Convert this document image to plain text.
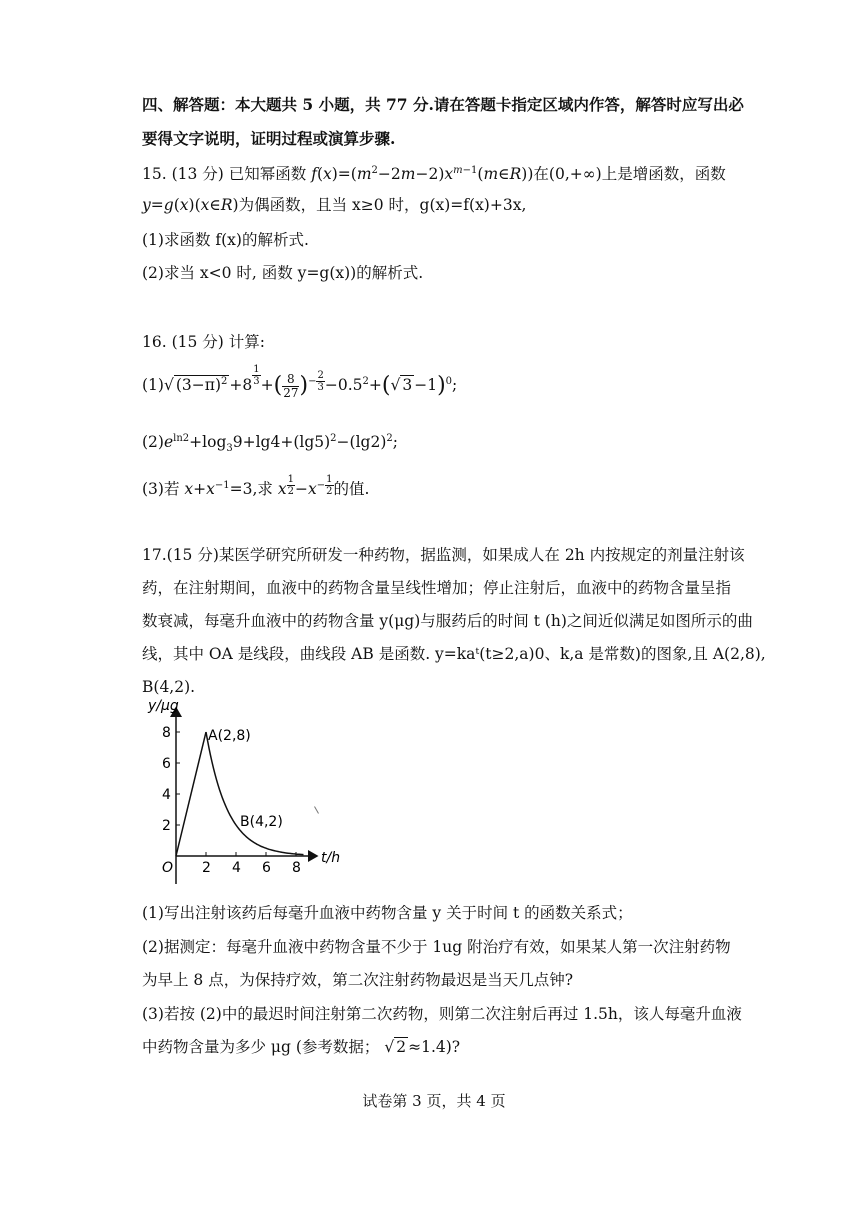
四、解答题：本大题共 5 小题，共 77 分.请在答题卡指定区域内作答，解答时应写出必
要得文字说明，证明过程或演算步骤.
15. (13 分) 已知幂函数 $f(x)=(m^2-2m-2)x^{m-1}(m\in R)$)在(0,+∞)上是增函数，函数
y=g(x)(x∈R)为偶函数，且当 x≥0 时，g(x)=f(x)+3x,
(1)求函数 f(x)的解析式.
(2)求当 x<0 时, 函数 y=g(x))的解析式.
16. (15 分) 计算:
(1)√ $(3-\pi)^2 +8 \frac{1}{3}$ +( $\frac{8}{27} )^{- \frac{2}{3}} -0.5^2+(√$ 3 −1)$^0$;
$(2)e^{ln2}+\log_39+\lg 4+(\lg 5)^2-(\lg 2)^2$;
(3)若 $x+x^{-1}=3$,求 x $^{\frac{1}{2}} -x^{- \frac{1}{2}}$ 的值.
17.(15 分)某医学研究所研发一种药物，据监测，如果成人在 2h 内按规定的剂量注射该
药，在注射期间，血液中的药物含量呈线性增加；停止注射后，血液中的药物含量呈指
数衰减，每毫升血液中的药物含量 y(μg)与服药后的时间 t (h)之间近似满足如图所示的曲
线，其中 OA 是线段，曲线段 AB 是函数. y=kaᵗ(t≥2,a)0、k,a 是常数)的图象,且 A(2,8),
B(4,2).
y/μg
t/h
O 2 4 6 8
2
4
6
8	A(2,8)
B(4,2)
(1)写出注射该药后每毫升血液中药物含量 y 关于时间 t 的函数关系式；
(2)据测定：每毫升血液中药物含量不少于 1ug 附治疗有效，如果某人第一次注射药物
为早上 8 点，为保持疗效，第二次注射药物最迟是当天几点钟?
(3)若按 (2)中的最迟时间注射第二次药物，则第二次注射后再过 1.5h，该人每毫升血液
中药物含量为多少 μg (参考数据； √ 2 ≈1.4)?
试卷第 3 页，共 4 页
